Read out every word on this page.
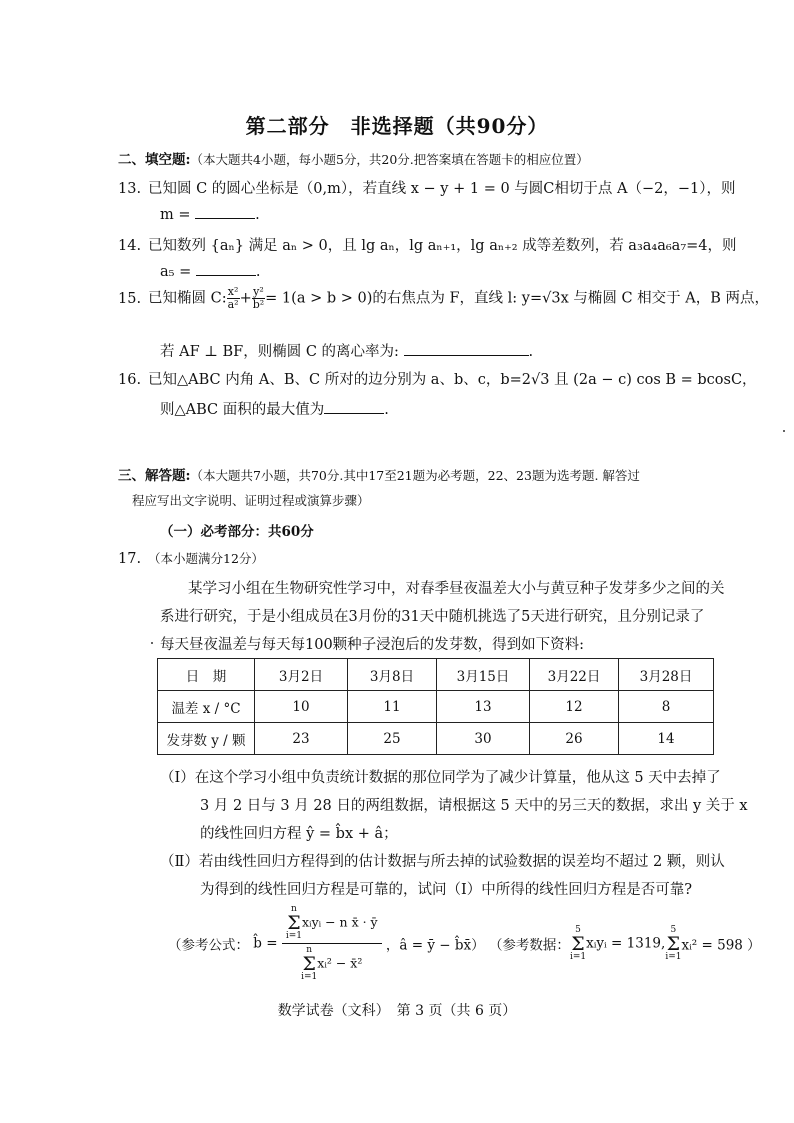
第二部分　非选择题（共90分）
二、填空题:（本大题共4小题，每小题5分，共20分.把答案填在答题卡的相应位置）
13. 已知圆 C 的圆心坐标是（0,m），若直线 x − y + 1 = 0 与圆C相切于点 A（−2，−1），则
m =	.
14. 已知数列 {aₙ} 满足 aₙ > 0，且 lg aₙ，lg aₙ₊₁，lg aₙ₊₂ 成等差数列，若 a₃a₄a₆a₇=4，则
a₅ =	.
15. 已知椭圆 C: $\frac{\text{x²}}{\text{a²}} + \frac{\text{y²}}{\text{b²}} = 1(a > b > 0)$的右焦点为 F，直线 l: y=√3x 与椭圆 C 相交于 A，B 两点，
若 AF ⊥ BF，则椭圆 C 的离心率为:	.
16. 已知△ABC 内角 A、B、C 所对的边分别为 a、b、c，b=2√3 且 (2a − c) cos B = bcosC，
则△ABC 面积的最大值为	.
三、解答题:（本大题共7小题，共70分.其中17至21题为必考题，22、23题为选考题. 解答过
程应写出文字说明、证明过程或演算步骤）
（一）必考部分：共60分
17. （本小题满分12分）
某学习小组在生物研究性学习中，对春季昼夜温差大小与黄豆种子发芽多少之间的关
系进行研究，于是小组成员在3月份的31天中随机挑选了5天进行研究，且分别记录了
每天昼夜温差与每天每100颗种子浸泡后的发芽数，得到如下资料:
日　期	3月2日	3月8日	3月15日	3月22日	3月28日
温差 x / °C	10	11	13	12	8
发芽数 y / 颗	23	25	30	26	14
（Ⅰ）在这个学习小组中负责统计数据的那位同学为了减少计算量，他从这 5 天中去掉了
3 月 2 日与 3 月 28 日的两组数据，请根据这 5 天中的另三天的数据，求出 y 关于 x
的线性回归方程 ŷ = b̂x + â；
（Ⅱ）若由线性回归方程得到的估计数据与所去掉的试验数据的误差均不超过 2 颗，则认
为得到的线性回归方程是可靠的，试问（Ⅰ）中所得的线性回归方程是否可靠?
（参考公式： b̂ =
n
Σ
i=1xᵢyᵢ − n x̄ · ȳ
n
Σ
i=1xᵢ² − x̄²
，â = ȳ − b̂x̄） （参考数据：5
Σ
i=1xᵢyᵢ = 1319,5
Σ
i=1xᵢ² = 598 ）
数学试卷（文科）　第 3 页（共 6 页）
